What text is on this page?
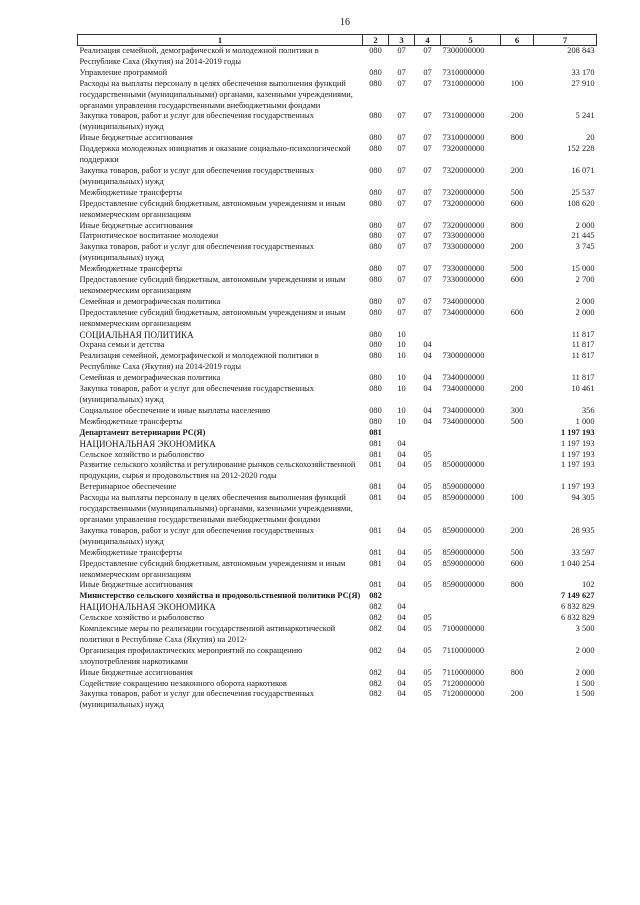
16
1	2	3	4	5	6	7
Реализация семейной, демографической и молодежной политики в Республике Саха (Якутия) на 2014-2019 годы	080	07	07	7300000000		208 843
Управление программой	080	07	07	7310000000		33 170
Расходы на выплаты персоналу в целях обеспечения выполнения функций государственными (муниципальными) органами, казенными учреждениями, органами управления государственными внебюджетными фондами	080	07	07	7310000000	100	27 910
Закупка товаров, работ и услуг для обеспечения государственных (муниципальных) нужд	080	07	07	7310000000	200	5 241
Иные бюджетные ассигнования	080	07	07	7310000000	800	20
Поддержка молодежных инициатив и оказание социально-психологической поддержки	080	07	07	7320000000		152 228
Закупка товаров, работ и услуг для обеспечения государственных (муниципальных) нужд	080	07	07	7320000000	200	16 071
Межбюджетные трансферты	080	07	07	7320000000	500	25 537
Предоставление субсидий бюджетным, автономным учреждениям и иным некоммерческим организациям	080	07	07	7320000000	600	108 620
Иные бюджетные ассигнования	080	07	07	7320000000	800	2 000
Патриотическое воспитание молодежи	080	07	07	7330000000		21 445
Закупка товаров, работ и услуг для обеспечения государственных (муниципальных) нужд	080	07	07	7330000000	200	3 745
Межбюджетные трансферты	080	07	07	7330000000	500	15 000
Предоставление субсидий бюджетным, автономным учреждениям и иным некоммерческим организациям	080	07	07	7330000000	600	2 700
Семейная и демографическая политика	080	07	07	7340000000		2 000
Предоставление субсидий бюджетным, автономным учреждениям и иным некоммерческим организациям	080	07	07	7340000000	600	2 000
СОЦИАЛЬНАЯ ПОЛИТИКА	080	10				11 817
Охрана семьи и детства	080	10	04			11 817
Реализация семейной, демографической и молодежной политики в Республике Саха (Якутия) на 2014-2019 годы	080	10	04	7300000000		11 817
Семейная и демографическая политика	080	10	04	7340000000		11 817
Закупка товаров, работ и услуг для обеспечения государственных (муниципальных) нужд	080	10	04	7340000000	200	10 461
Социальное обеспечение и иные выплаты населению	080	10	04	7340000000	300	356
Межбюджетные трансферты	080	10	04	7340000000	500	1 000
Департамент ветеринарии РС(Я)	081					1 197 193
НАЦИОНАЛЬНАЯ ЭКОНОМИКА	081	04				1 197 193
Сельское хозяйство и рыболовство	081	04	05			1 197 193
Развитие сельского хозяйства и регулирование рынков сельскохозяйственной продукции, сырья и продовольствия на 2012-2020 годы	081	04	05	8500000000		1 197 193
Ветеринарное обеспечение	081	04	05	8590000000		1 197 193
Расходы на выплаты персоналу в целях обеспечения выполнения функций государственными (муниципальными) органами, казенными учреждениями, органами управления государственными внебюджетными фондами	081	04	05	8590000000	100	94 305
Закупка товаров, работ и услуг для обеспечения государственных (муниципальных) нужд	081	04	05	8590000000	200	28 935
Межбюджетные трансферты	081	04	05	8590000000	500	33 597
Предоставление субсидий бюджетным, автономным учреждениям и иным некоммерческим организациям	081	04	05	8590000000	600	1 040 254
Иные бюджетные ассигнования	081	04	05	8590000000	800	102
Министерство сельского хозяйства и продовольственной политики РС(Я)	082					7 149 627
НАЦИОНАЛЬНАЯ ЭКОНОМИКА	082	04				6 832 829
Сельское хозяйство и рыболовство	082	04	05			6 832 829
Комплексные меры по реализации государственной антинаркотической политики в Республике Саха (Якутия) на 2012-	082	04	05	7100000000		3 500
Организация профилактических мероприятий по сокращению злоупотребления наркотиками	082	04	05	7110000000		2 000
Иные бюджетные ассигнования	082	04	05	7110000000	800	2 000
Содействие сокращению незаконного оборота наркотиков	082	04	05	7120000000		1 500
Закупка товаров, работ и услуг для обеспечения государственных (муниципальных) нужд	082	04	05	7120000000	200	1 500
